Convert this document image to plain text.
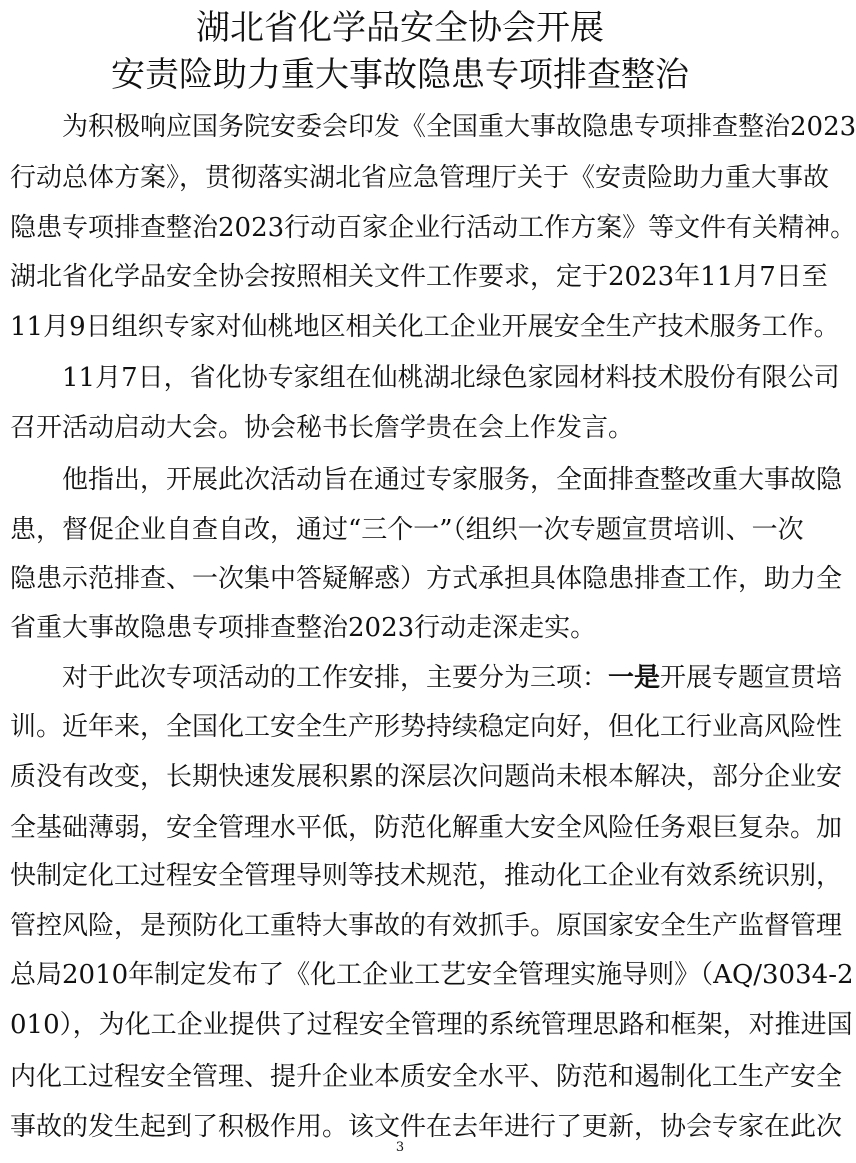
湖北省化学品安全协会开展
安责险助力重大事故隐患专项排查整治
为积极响应国务院安委会印发《全国重大事故隐患专项排查整治2023
行动总体方案》，贯彻落实湖北省应急管理厅关于《安责险助力重大事故
隐患专项排查整治2023行动百家企业行活动工作方案》等文件有关精神。
湖北省化学品安全协会按照相关文件工作要求，定于2023年11月7日至
11月9日组织专家对仙桃地区相关化工企业开展安全生产技术服务工作。
11月7日，省化协专家组在仙桃湖北绿色家园材料技术股份有限公司
召开活动启动大会。协会秘书长詹学贵在会上作发言。
他指出，开展此次活动旨在通过专家服务，全面排查整改重大事故隐
患，督促企业自查自改，通过“三个一”（组织一次专题宣贯培训、一次
隐患示范排查、一次集中答疑解惑）方式承担具体隐患排查工作，助力全
省重大事故隐患专项排查整治2023行动走深走实。
对于此次专项活动的工作安排，主要分为三项：一是开展专题宣贯培
训。近年来，全国化工安全生产形势持续稳定向好，但化工行业高风险性
质没有改变，长期快速发展积累的深层次问题尚未根本解决，部分企业安
全基础薄弱，安全管理水平低，防范化解重大安全风险任务艰巨复杂。加
快制定化工过程安全管理导则等技术规范，推动化工企业有效系统识别，
管控风险，是预防化工重特大事故的有效抓手。原国家安全生产监督管理
总局2010年制定发布了《化工企业工艺安全管理实施导则》（AQ/3034-2
010），为化工企业提供了过程安全管理的系统管理思路和框架，对推进国
内化工过程安全管理、提升企业本质安全水平、防范和遏制化工生产安全
事故的发生起到了积极作用。该文件在去年进行了更新，协会专家在此次
3
